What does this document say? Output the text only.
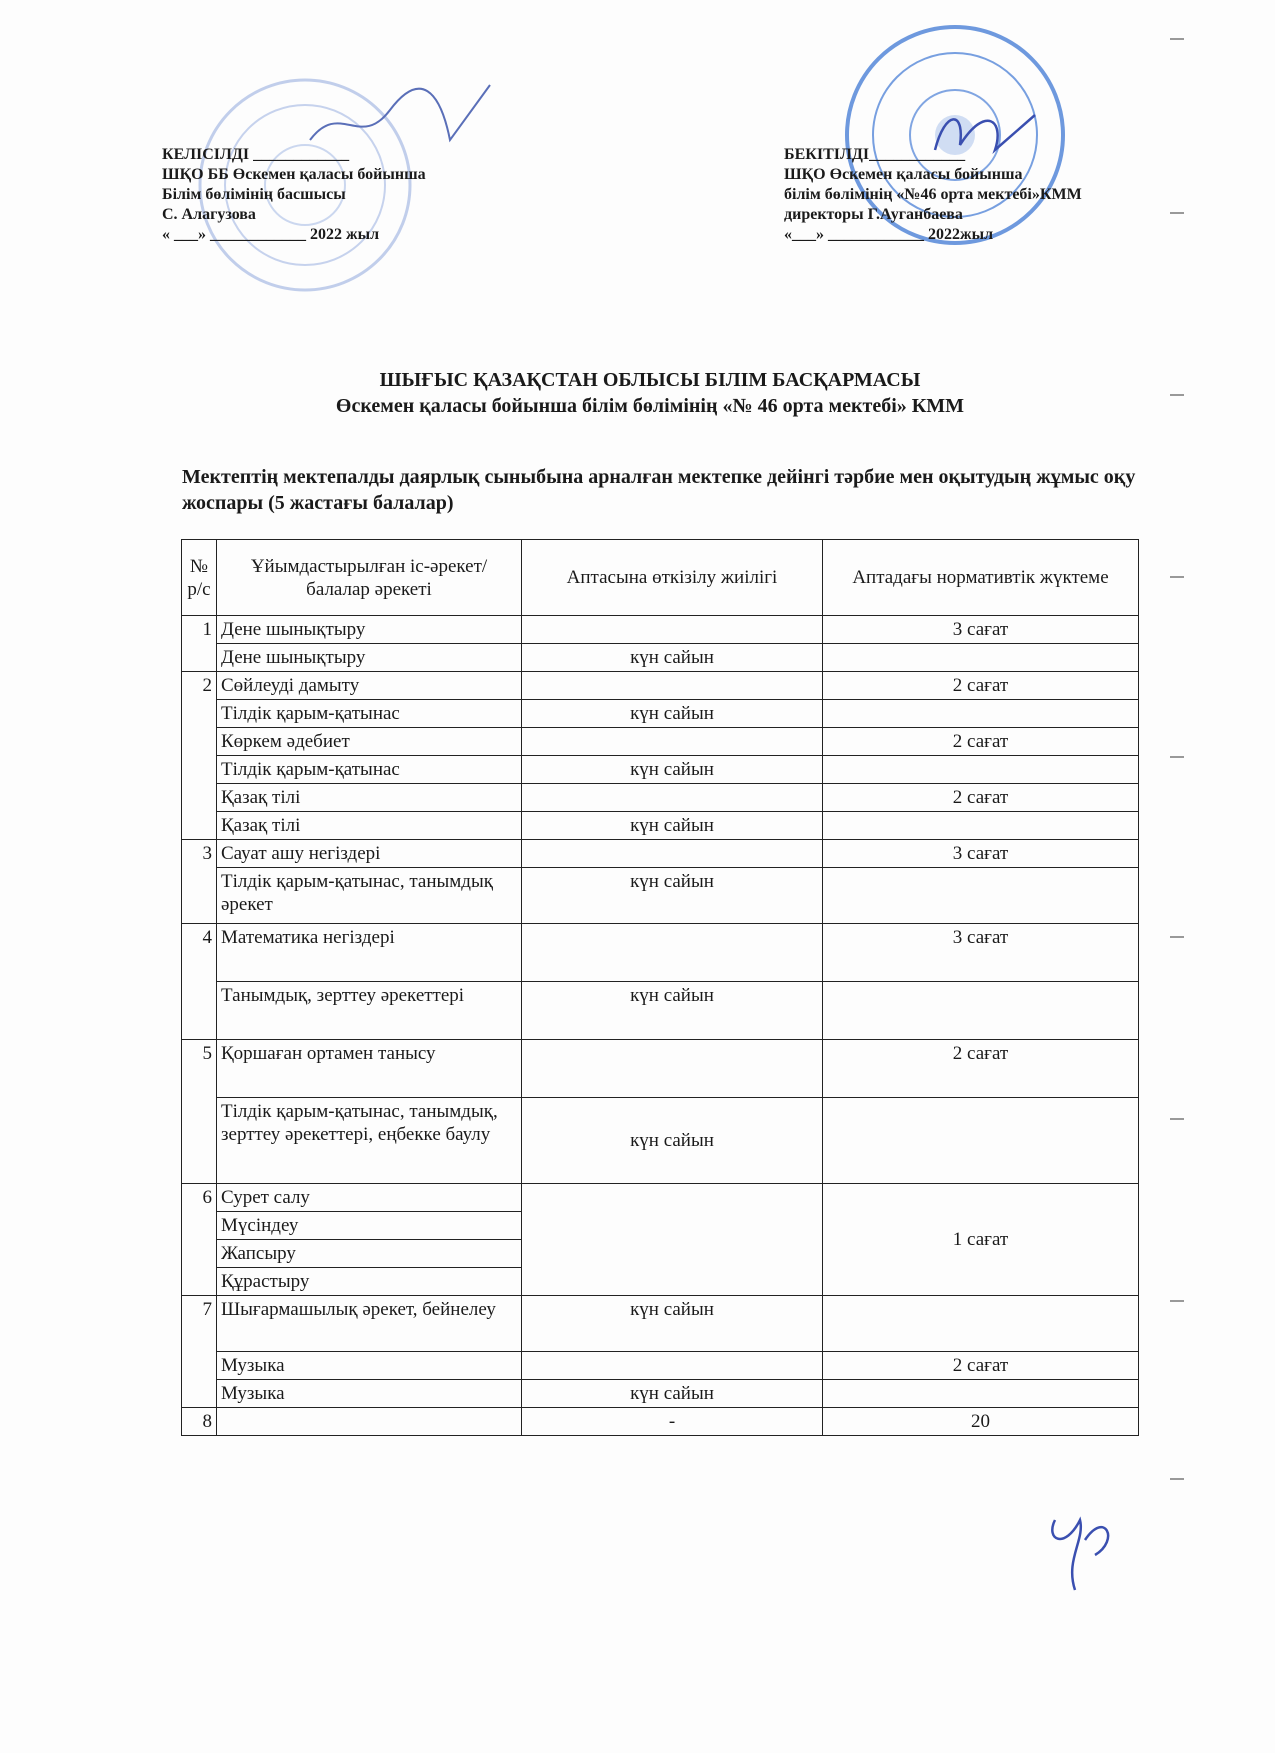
КЕЛІСІЛДІ ____________
ШҚО ББ Өскемен қаласы бойынша
Білім бөлімінің басшысы
С. Алагузова
« ___» ____________ 2022 жыл
БЕКІТІЛДІ____________
ШҚО Өскемен қаласы бойынша
білім бөлімінің «№46 орта мектебі»КММ
директоры Г.Ауганбаева
«___» ____________ 2022жыл
ШЫҒЫС ҚАЗАҚСТАН ОБЛЫСЫ БІЛІМ БАСҚАРМАСЫ
Өскемен қаласы бойынша білім бөлімінің «№ 46 орта мектебі» КММ
Мектептің мектепалды даярлық сыныбына арналған мектепке дейінгі тәрбие мен оқытудың жұмыс оқу жоспары (5 жастағы балалар)
№ р/с	Ұйымдастырылған іс-әрекет/балалар әрекеті	Аптасына өткізілу жиілігі	Аптадағы нормативтік жүктеме
1	Дене шынықтыру		3 сағат
	Дене шынықтыру	күн сайын	
2	Сөйлеуді дамыту		2 сағат
	Тілдік қарым-қатынас	күн сайын	
	Көркем әдебиет		2 сағат
	Тілдік қарым-қатынас	күн сайын	
	Қазақ тілі		2 сағат
	Қазақ тілі	күн сайын	
3	Сауат ашу негіздері		3 сағат
	Тілдік қарым-қатынас, танымдық әрекет	күн сайын	
4	Математика негіздері		3 сағат
	Танымдық, зерттеу әрекеттері	күн сайын	
5	Қоршаған ортамен танысу		2 сағат
	Тілдік қарым-қатынас, танымдық, зерттеу әрекеттері, еңбекке баулу	күн сайын	
6	Сурет салу		1 сағат
	Мүсіндеу		
	Жапсыру		
	Құрастыру		
7	Шығармашылық әрекет, бейнелеу	күн сайын	
	Музыка		2 сағат
	Музыка	күн сайын	
8		-	20
